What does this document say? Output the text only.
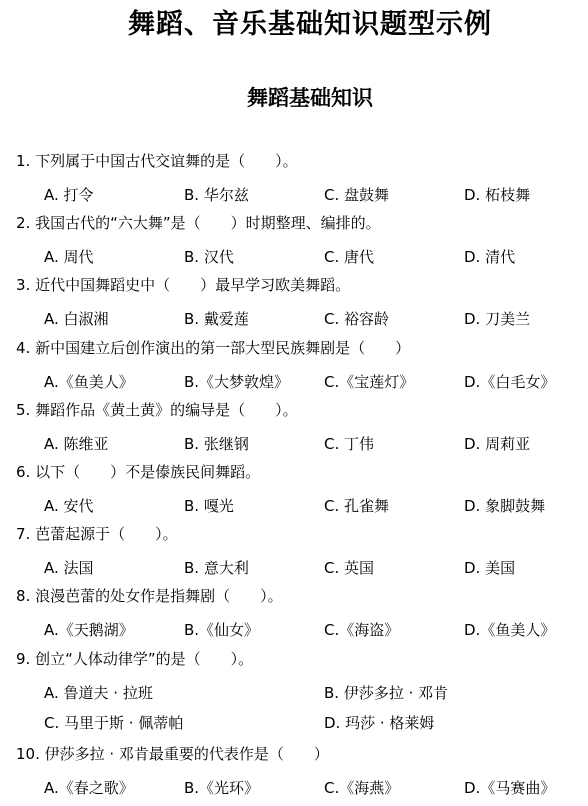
舞蹈、音乐基础知识题型示例
舞蹈基础知识
1. 下列属于中国古代交谊舞的是（　　）。
A. 打令	B. 华尔兹	C. 盘鼓舞	D. 柘枝舞
2. 我国古代的“六大舞”是（　　）时期整理、编排的。
A. 周代	B. 汉代	C. 唐代	D. 清代
3. 近代中国舞蹈史中（　　）最早学习欧美舞蹈。
A. 白淑湘	B. 戴爱莲	C. 裕容龄	D. 刀美兰
4. 新中国建立后创作演出的第一部大型民族舞剧是（　　）
A.《鱼美人》	B.《大梦敦煌》 C.《宝莲灯》	D.《白毛女》
5. 舞蹈作品《黄土黄》的编导是（　　）。
A. 陈维亚	B. 张继钢	C. 丁伟	D. 周莉亚
6. 以下（　　）不是傣族民间舞蹈。
A. 安代	B. 嘎光	C. 孔雀舞	D. 象脚鼓舞
7. 芭蕾起源于（　　）。
A. 法国	B. 意大利	C. 英国	D. 美国
8. 浪漫芭蕾的处女作是指舞剧（　　）。
A.《天鹅湖》	B.《仙女》	C.《海盗》	D.《鱼美人》
9. 创立“人体动律学”的是（　　）。
A. 鲁道夫 · 拉班	B. 伊莎多拉 · 邓肯
C. 马里于斯 · 佩蒂帕	D. 玛莎 · 格莱姆
10. 伊莎多拉 · 邓肯最重要的代表作是（　　）
A.《春之歌》	B.《光环》	C.《海燕》	D.《马赛曲》
